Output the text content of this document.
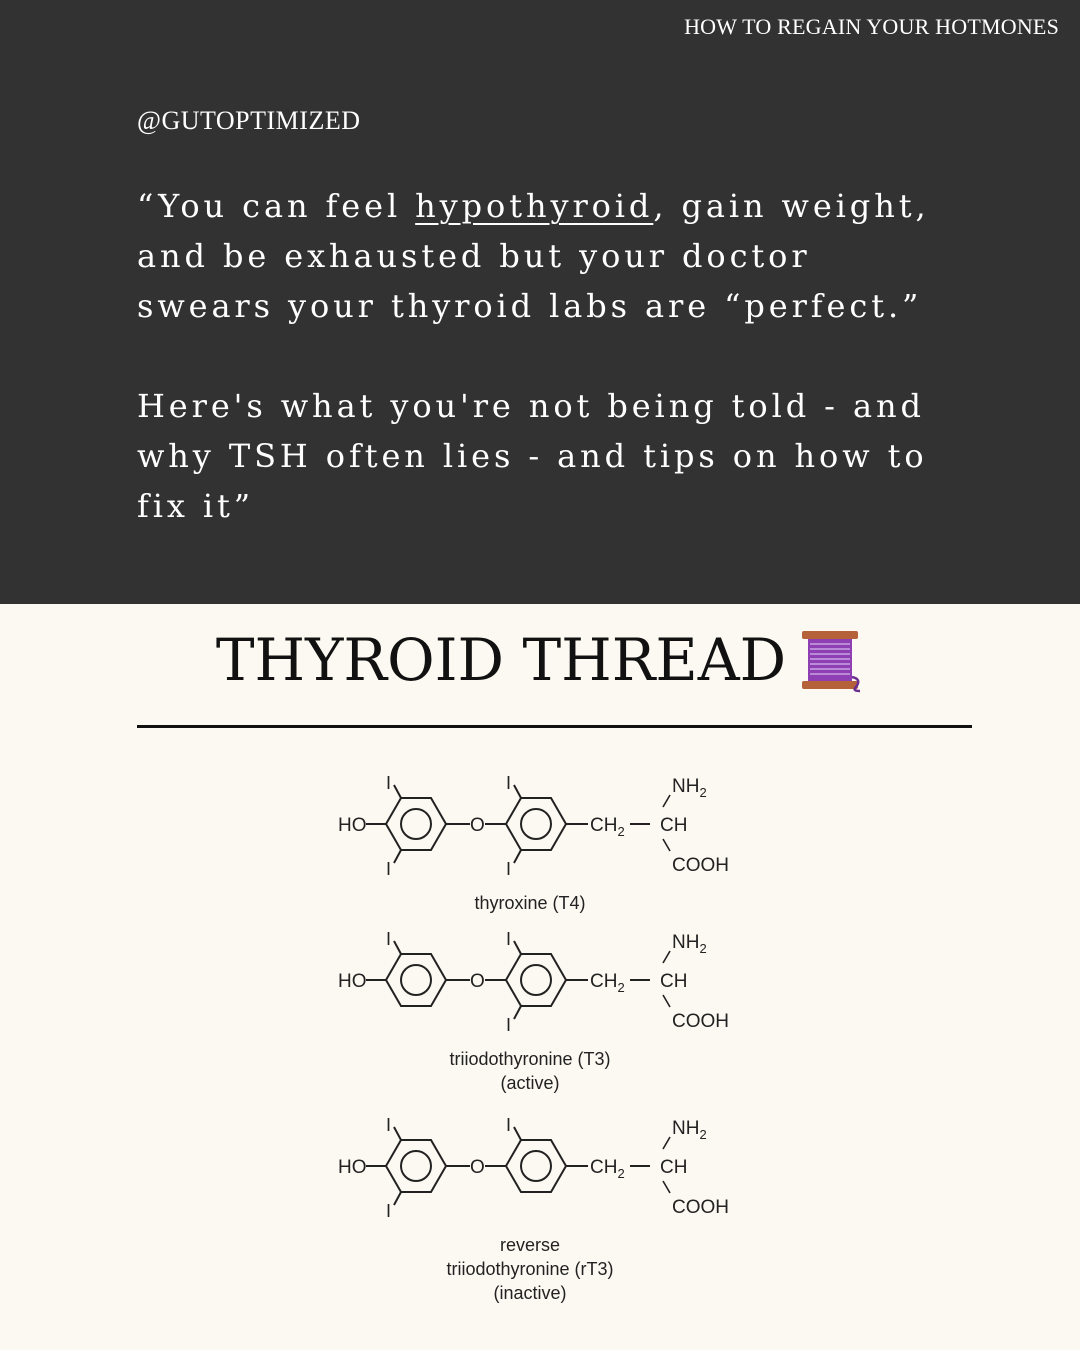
HOW TO REGAIN YOUR HOTMONES
@GUTOPTIMIZED

“You can feel hypothyroid, gain weight,

and be exhausted but your doctor

swears your thyroid labs are “perfect.”

Here's what you're not being told - and

why TSH often lies - and tips on how to

fix it”

THYROID THREAD
HO
I
I
O
I
I
$CH_2$ CH
$NH_2$
COOH
thyroxine (T4)
HO
I
O
I
I
$CH_2$ CH
$NH_2$
COOH
triiodothyronine (T3)
(active)
HO
I
I
O
I
$CH_2$ CH
$NH_2$
COOH
reverse
triiodothyronine (rT3)
(inactive)
